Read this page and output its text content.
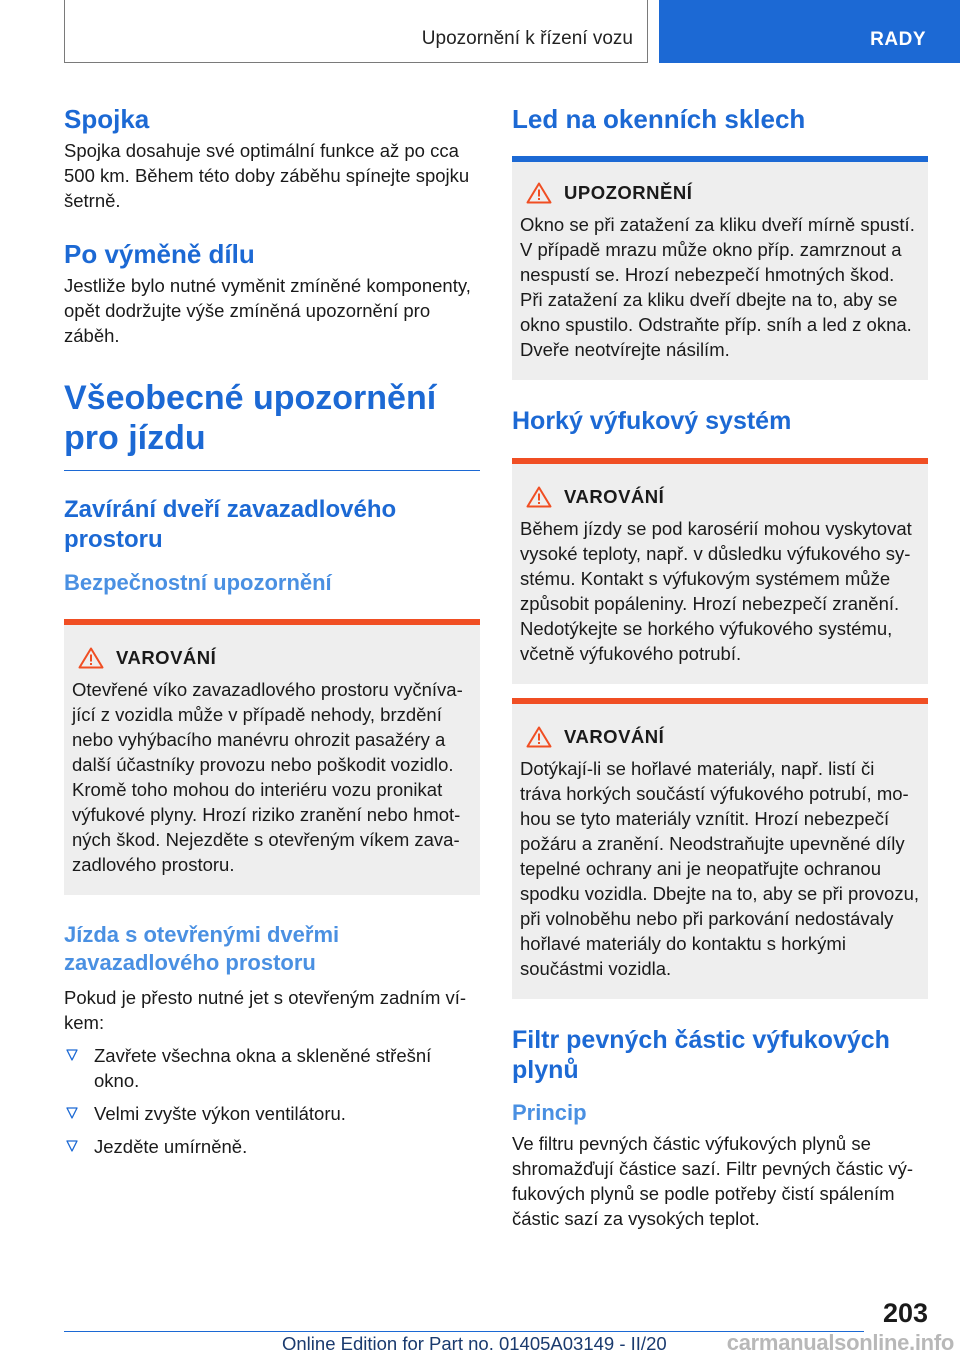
Upozornění k řízení vozu	RADY
Spojka

Spojka dosahuje své optimální funkce až po cca 500 km. Během této doby záběhu spínejte spojku šetrně.

Po výměně dílu

Jestliže bylo nutné vyměnit zmíněné komponenty, opět dodržujte výše zmíněná upozornění pro záběh.

Všeobecné upozornění pro jízdu
Zavírání dveří zavazadlového prostoru
Bezpečnostní upozornění
VAROVÁNÍ
Otevřené víko zavazadlového prostoru vyčnívající z vozidla může v případě nehody, brzdění nebo vyhýbacího manévru ohrozit pasažéry a další účastníky provozu nebo poškodit vozidlo. Kromě toho mohou do interiéru vozu pronikat výfukové plyny. Hrozí riziko zranění nebo hmotných škod. Nejezděte s otevřeným víkem zavazadlového prostoru.
Jízda s otevřenými dveřmi zavazadlového prostoru

Pokud je přesto nutné jet s otevřeným zadním víkem:

Zavřete všechna okna a skleněné střešní okno.
Velmi zvyšte výkon ventilátoru.
Jezděte umírněně.
Led na okenních sklech
UPOZORNĚNÍ
Okno se při zatažení za kliku dveří mírně spustí. V případě mrazu může okno příp. zamrznout a nespustí se. Hrozí nebezpečí hmotných škod. Při zatažení za kliku dveří dbejte na to, aby se okno spustilo. Odstraňte příp. sníh a led z okna. Dveře neotvírejte násilím.
Horký výfukový systém
VAROVÁNÍ
Během jízdy se pod karosérií mohou vyskytovat vysoké teploty, např. v důsledku výfukového systému. Kontakt s výfukovým systémem může způsobit popáleniny. Hrozí nebezpečí zranění. Nedotýkejte se horkého výfukového systému, včetně výfukového potrubí.
VAROVÁNÍ
Dotýkají-li se hořlavé materiály, např. listí či tráva horkých součástí výfukového potrubí, mohou se tyto materiály vznítit. Hrozí nebezpečí požáru a zranění. Neodstraňujte upevněné díly tepelné ochrany ani je neopatřujte ochranou spodku vozidla. Dbejte na to, aby se při provozu, při volnoběhu nebo při parkování nedostávaly hořlavé materiály do kontaktu s horkými součástmi vozidla.
Filtr pevných částic výfukových plynů
Princip

Ve filtru pevných částic výfukových plynů se shromažďují částice sazí. Filtr pevných částic výfukových plynů se podle potřeby čistí spálením částic sazí za vysokých teplot.

203
Online Edition for Part no. 01405A03149 - II/20	carmanualsonline.info
